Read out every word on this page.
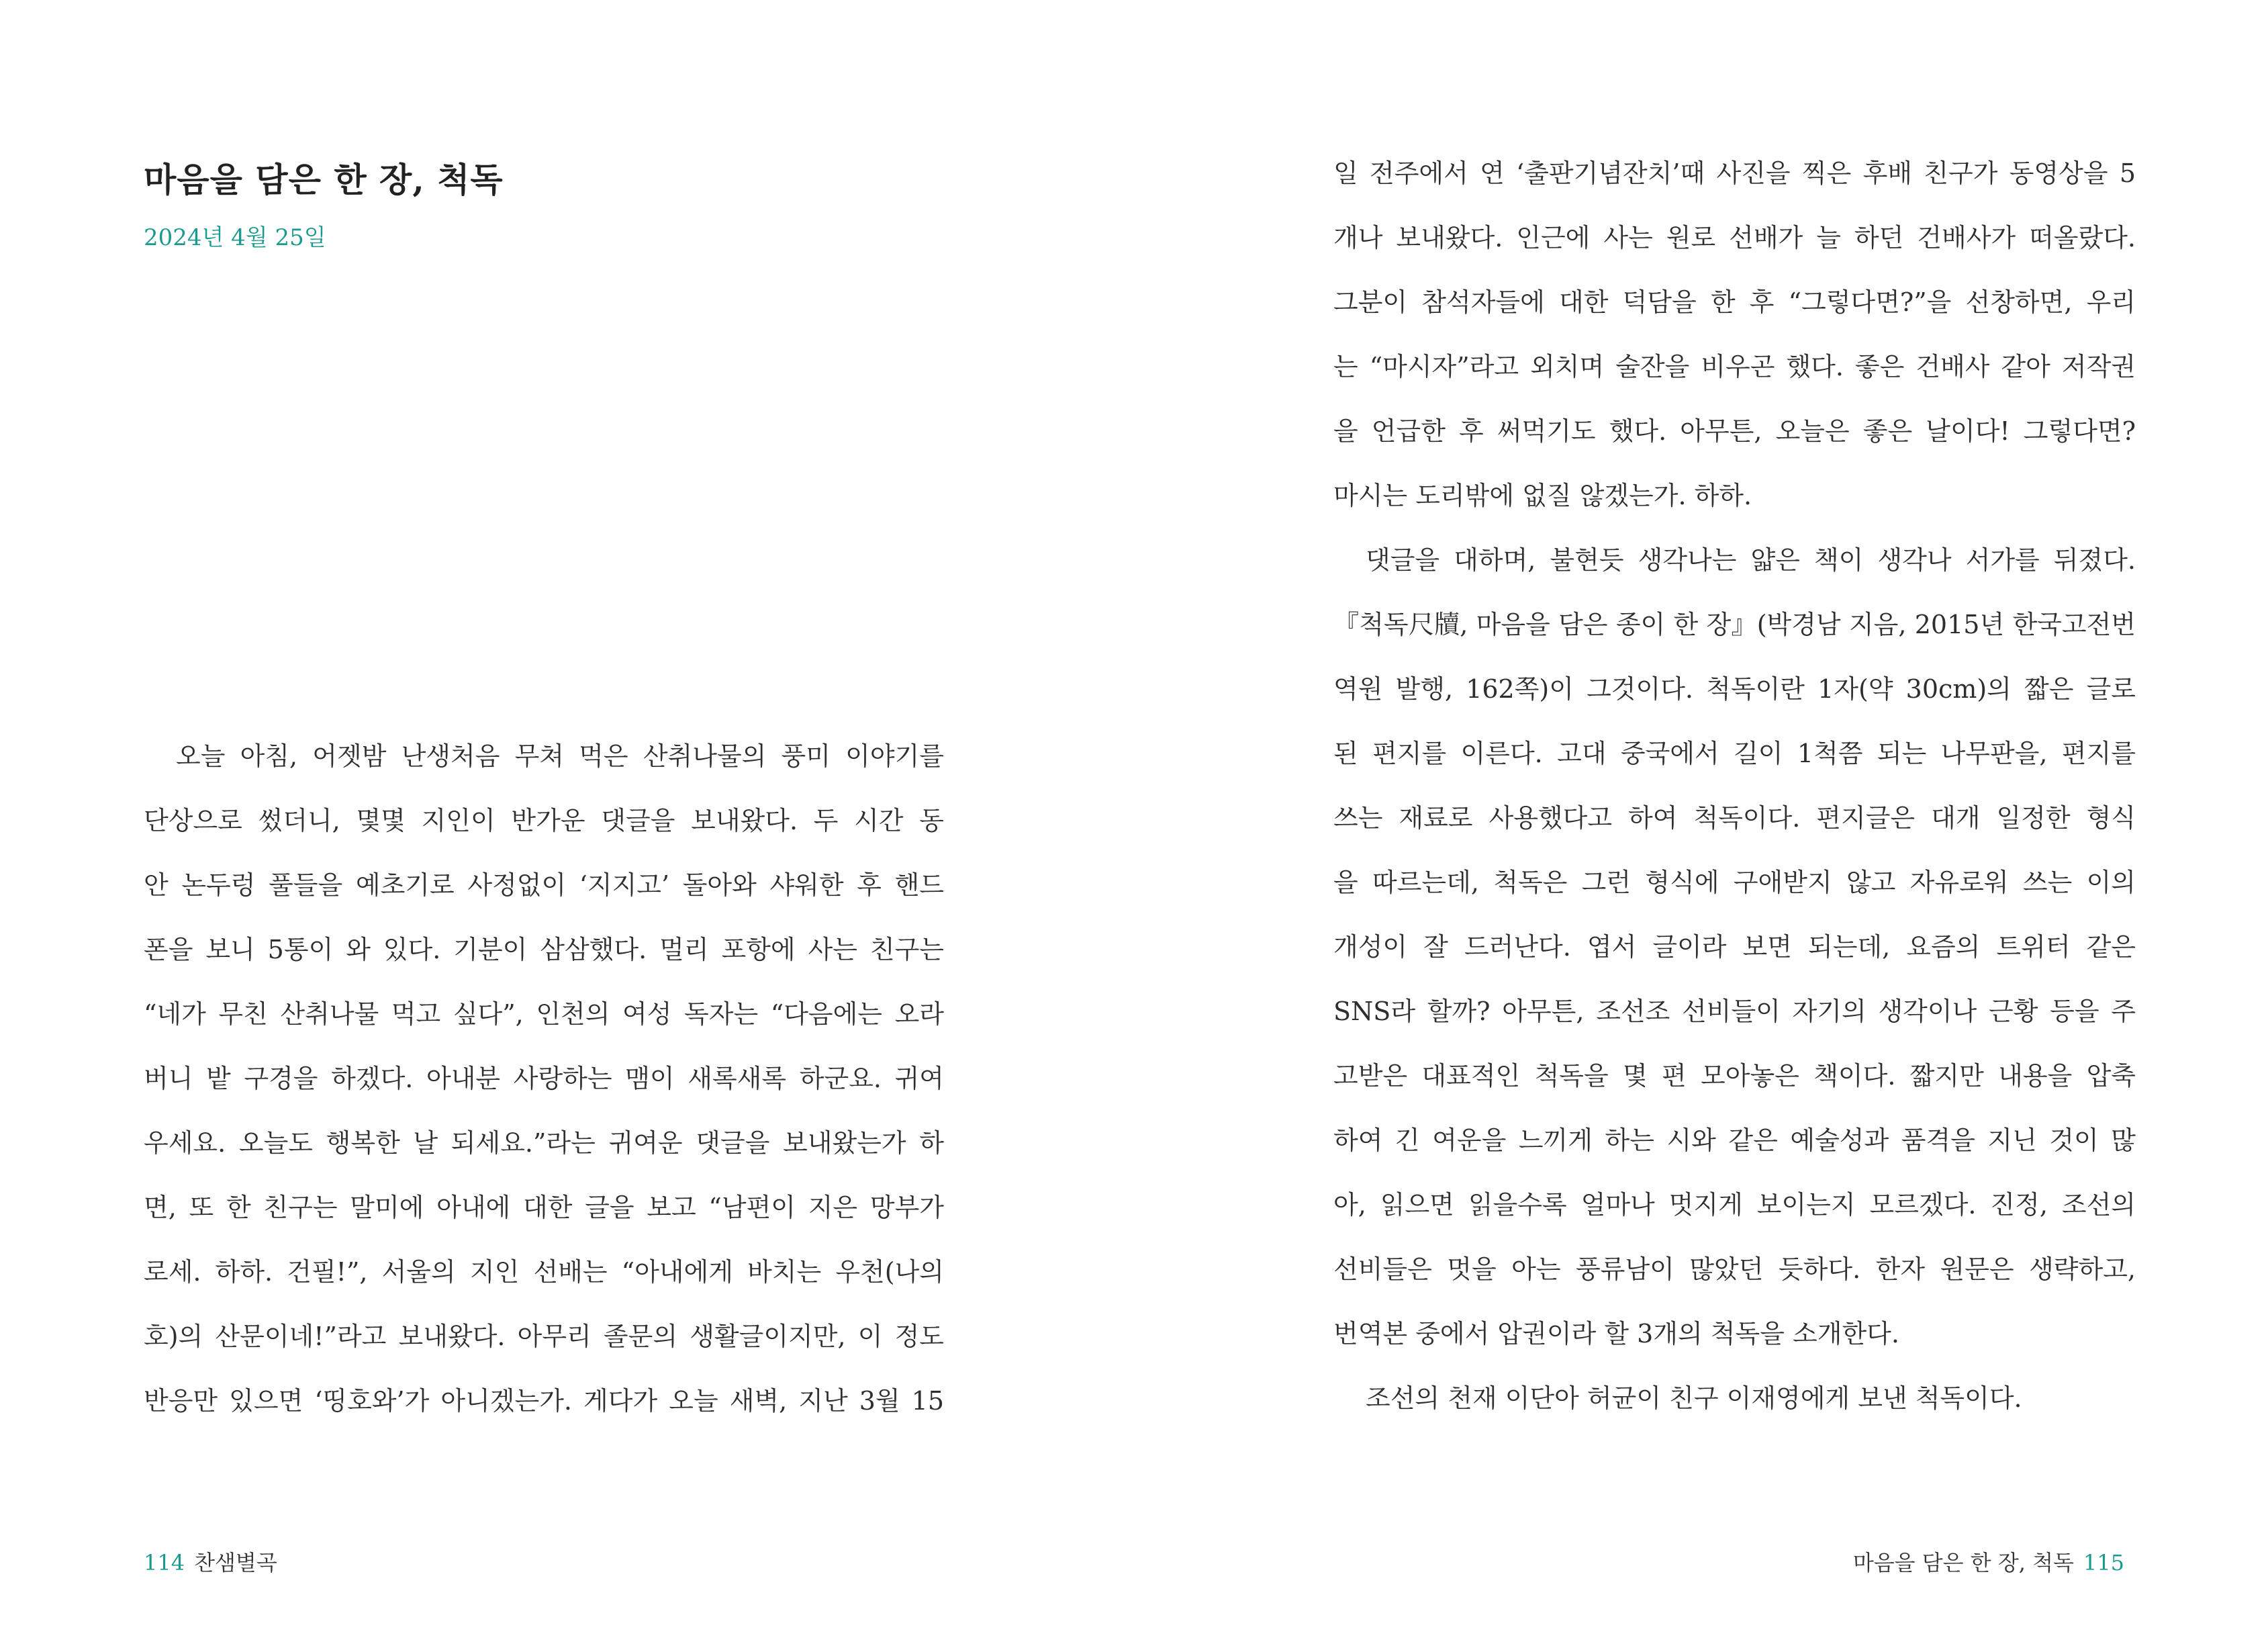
마음을 담은 한 장, 척독
2024년 4월 25일
오늘 아침, 어젯밤 난생처음 무쳐 먹은 산취나물의 풍미 이야기를
단상으로 썼더니, 몇몇 지인이 반가운 댓글을 보내왔다. 두 시간 동
안 논두렁 풀들을 예초기로 사정없이 ‘지지고’ 돌아와 샤워한 후 핸드
폰을 보니 5통이 와 있다. 기분이 삼삼했다. 멀리 포항에 사는 친구는
“네가 무친 산취나물 먹고 싶다”, 인천의 여성 독자는 “다음에는 오라
버니 밭 구경을 하겠다. 아내분 사랑하는 맴이 새록새록 하군요. 귀여
우세요. 오늘도 행복한 날 되세요.”라는 귀여운 댓글을 보내왔는가 하
면, 또 한 친구는 말미에 아내에 대한 글을 보고 “남편이 지은 망부가
로세. 하하. 건필!”, 서울의 지인 선배는 “아내에게 바치는 우천(나의
호)의 산문이네!”라고 보내왔다. 아무리 졸문의 생활글이지만, 이 정도
반응만 있으면 ‘띵호와’가 아니겠는가. 게다가 오늘 새벽, 지난 3월 15
114 찬샘별곡
일 전주에서 연 ‘출판기념잔치’때 사진을 찍은 후배 친구가 동영상을 5
개나 보내왔다. 인근에 사는 원로 선배가 늘 하던 건배사가 떠올랐다.
그분이 참석자들에 대한 덕담을 한 후 “그렇다면?”을 선창하면, 우리
는 “마시자”라고 외치며 술잔을 비우곤 했다. 좋은 건배사 같아 저작권
을 언급한 후 써먹기도 했다. 아무튼, 오늘은 좋은 날이다! 그렇다면?
마시는 도리밖에 없질 않겠는가. 하하.
댓글을 대하며, 불현듯 생각나는 얇은 책이 생각나 서가를 뒤졌다.
『척독尺牘, 마음을 담은 종이 한 장』(박경남 지음, 2015년 한국고전번
역원 발행, 162쪽)이 그것이다. 척독이란 1자(약 30cm)의 짧은 글로
된 편지를 이른다. 고대 중국에서 길이 1척쯤 되는 나무판을, 편지를
쓰는 재료로 사용했다고 하여 척독이다. 편지글은 대개 일정한 형식
을 따르는데, 척독은 그런 형식에 구애받지 않고 자유로워 쓰는 이의
개성이 잘 드러난다. 엽서 글이라 보면 되는데, 요즘의 트위터 같은
SNS라 할까? 아무튼, 조선조 선비들이 자기의 생각이나 근황 등을 주
고받은 대표적인 척독을 몇 편 모아놓은 책이다. 짧지만 내용을 압축
하여 긴 여운을 느끼게 하는 시와 같은 예술성과 품격을 지닌 것이 많
아, 읽으면 읽을수록 얼마나 멋지게 보이는지 모르겠다. 진정, 조선의
선비들은 멋을 아는 풍류남이 많았던 듯하다. 한자 원문은 생략하고,
번역본 중에서 압권이라 할 3개의 척독을 소개한다.
조선의 천재 이단아 허균이 친구 이재영에게 보낸 척독이다.
마음을 담은 한 장, 척독 115
